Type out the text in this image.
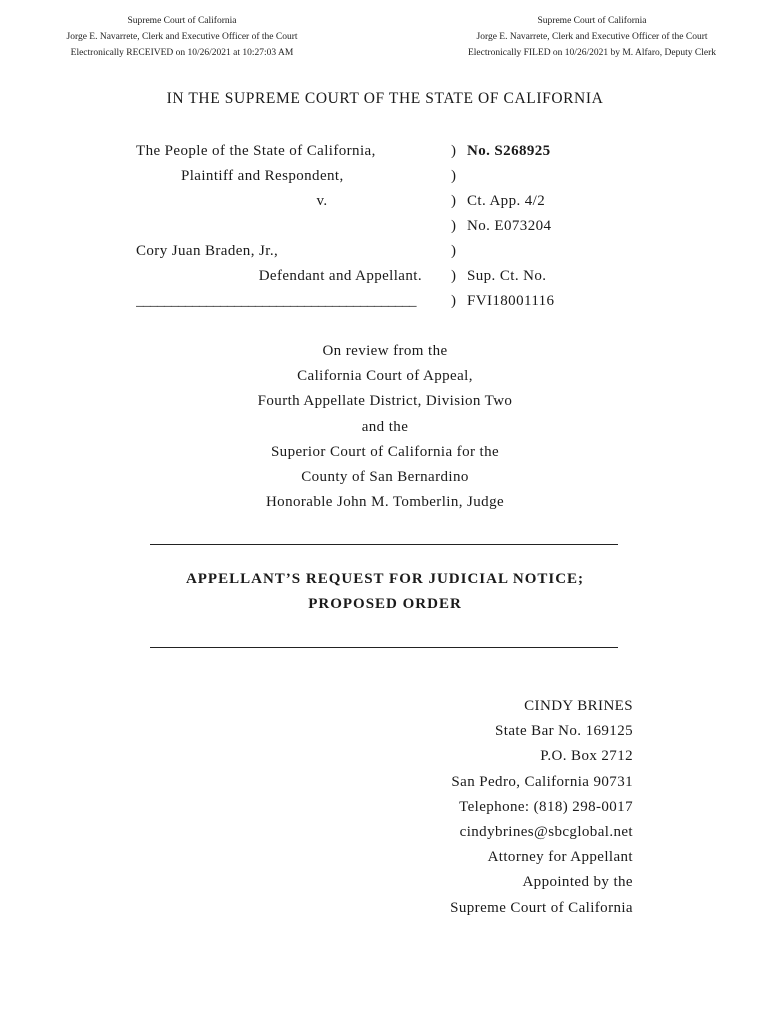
Supreme Court of California
Jorge E. Navarrete, Clerk and Executive Officer of the Court
Electronically RECEIVED on 10/26/2021 at 10:27:03 AM
Supreme Court of California
Jorge E. Navarrete, Clerk and Executive Officer of the Court
Electronically FILED on 10/26/2021 by M. Alfaro, Deputy Clerk
IN THE SUPREME COURT OF THE STATE OF CALIFORNIA
The People of the State of California,	) No. S268925
Plaintiff and Respondent,	)
v.	) Ct. App. 4/2
) No. E073204
Cory Juan Braden, Jr.,	)
Defendant and Appellant.	) Sup. Ct. No.
________________________________________	) FVI18001116
On review from the
California Court of Appeal,
Fourth Appellate District, Division Two
and the
Superior Court of California for the
County of San Bernardino
Honorable John M. Tomberlin, Judge
APPELLANT’S REQUEST FOR JUDICIAL NOTICE;
PROPOSED ORDER
CINDY BRINES
State Bar No. 169125
P.O. Box 2712
San Pedro, California 90731
Telephone: (818) 298-0017
cindybrines@sbcglobal.net
Attorney for Appellant
Appointed by the
Supreme Court of California
